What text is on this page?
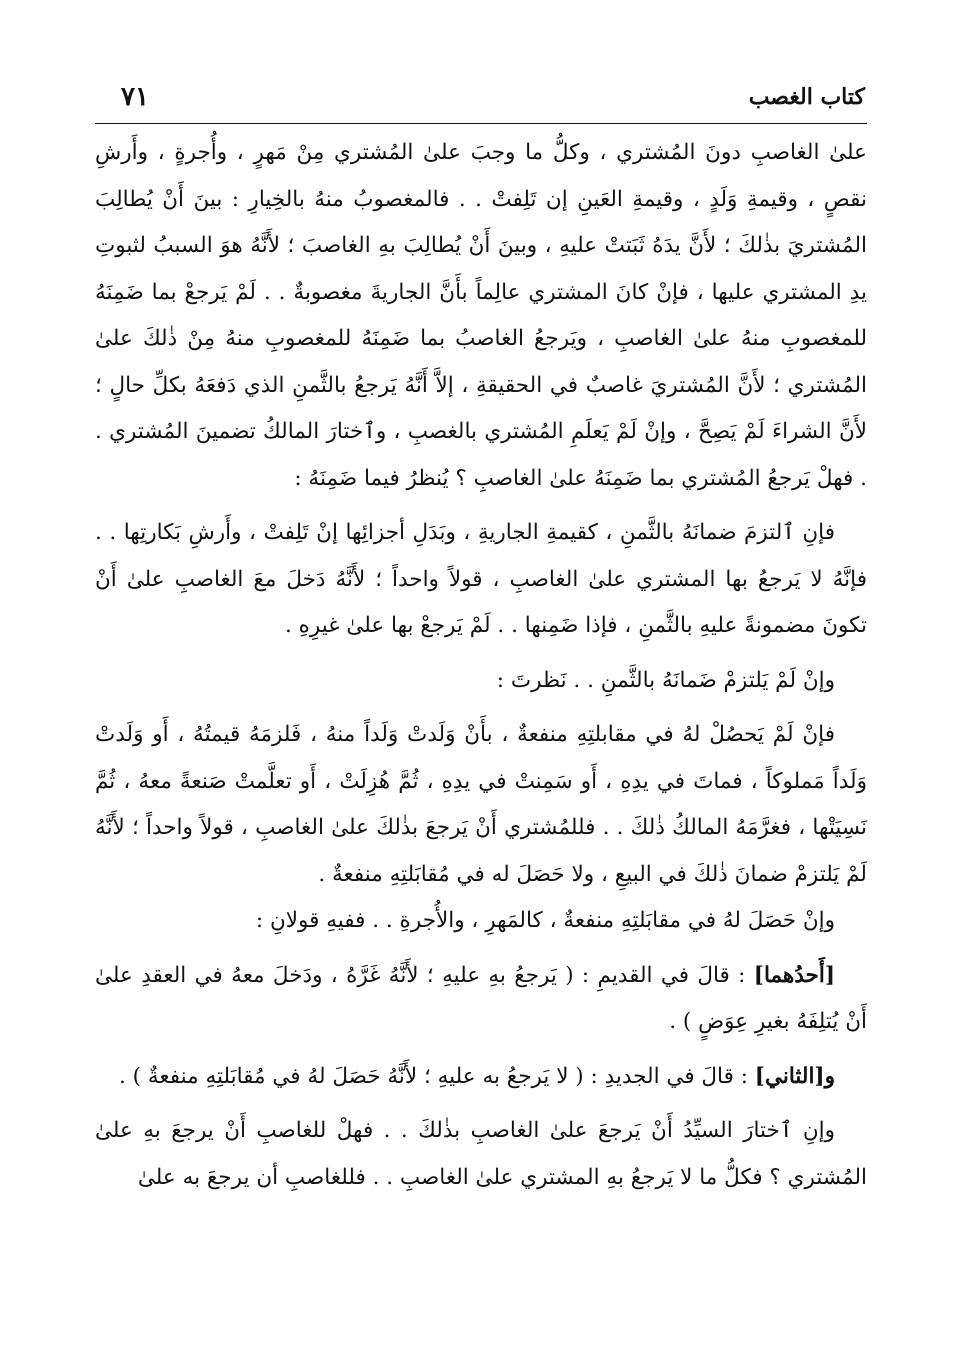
كتاب الغصب
٧١

علىٰ الغاصبِ دونَ المُشتري ، وكلُّ ما وجبَ علىٰ المُشتري مِنْ مَهرٍ ، وأُجرةٍ ، وأَرشِ نقصٍ ، وقيمةِ وَلَدٍ ، وقيمةِ العَينِ إن تَلِفتْ . . فالمغصوبُ منهُ بالخِيارِ : بينَ أَنْ يُطالِبَ المُشتريَ بذٰلكَ ؛ لأَنَّ يدَهُ ثَبَتتْ عليهِ ، وبينَ أَنْ يُطالِبَ بهِ الغاصبَ ؛ لأَنَّهُ هوَ السببُ لثبوتِ يدِ المشتري عليها ، فإنْ كانَ المشتري عالِماً بأَنَّ الجاريةَ مغصوبةٌ . . لَمْ يَرجعْ بما ضَمِنَهُ للمغصوبِ منهُ علىٰ الغاصبِ ، ويَرجعُ الغاصبُ بما ضَمِنَهُ للمغصوبِ منهُ مِنْ ذٰلكَ علىٰ المُشتري ؛ لأَنَّ المُشتريَ غاصبٌ في الحقيقةِ ، إلاَّ أَنَّهُ يَرجعُ بالثَّمنِ الذي دَفعَهُ بكلِّ حالٍ ؛ لأَنَّ الشراءَ لَمْ يَصِحَّ ، وإنْ لَمْ يَعلَمِ المُشتري بالغصبِ ، وٱختارَ المالكُ تضمينَ المُشتري . . فهلْ يَرجعُ المُشتري بما ضَمِنَهُ علىٰ الغاصبِ ؟ يُنظرُ فيما ضَمِنَهُ :

فإنِ ٱلتزمَ ضمانَهُ بالثَّمنِ ، كقيمةِ الجاريةِ ، وبَدَلِ أجزائِها إنْ تَلِفتْ ، وأَرشِ بَكارتِها . . فإنَّهُ لا يَرجعُ بها المشتري علىٰ الغاصبِ ، قولاً واحداً ؛ لأَنَّهُ دَخلَ معَ الغاصبِ علىٰ أَنْ تكونَ مضمونةً عليهِ بالثَّمنِ ، فإذا ضَمِنها . . لَمْ يَرجعْ بها علىٰ غيرِهِ .

وإنْ لَمْ يَلتزمْ ضَمانَهُ بالثَّمنِ . . نَظرتَ :

فإنْ لَمْ يَحصُلْ لهُ في مقابلتِهِ منفعةٌ ، بأَنْ وَلَدتْ وَلَداً منهُ ، فَلزمَهُ قيمتُهُ ، أَو وَلَدتْ وَلَداً مَملوكاً ، فماتَ في يدِهِ ، أَو سَمِنتْ في يدِهِ ، ثُمَّ هُزِلَتْ ، أَو تعلَّمتْ صَنعةً معهُ ، ثُمَّ نَسِيَتْها ، فغرَّمَهُ المالكُ ذٰلكَ . . فللمُشتري أَنْ يَرجعَ بذٰلكَ علىٰ الغاصبِ ، قولاً واحداً ؛ لأَنَّهُ لَمْ يَلتزمْ ضمانَ ذٰلكَ في البيعِ ، ولا حَصَلَ له في مُقابَلتِهِ منفعةٌ .

وإنْ حَصَلَ لهُ في مقابَلتِهِ منفعةٌ ، كالمَهرِ ، والأُجرةِ . . ففيهِ قولانِ :

[أَحدُهما] : قالَ في القديمِ : ( يَرجعُ بهِ عليهِ ؛ لأَنَّهُ غَرَّهُ ، ودَخلَ معهُ في العقدِ علىٰ أَنْ يُتلِفَهُ بغيرِ عِوَضٍ ) .

و[الثاني] : قالَ في الجديدِ : ( لا يَرجعُ به عليهِ ؛ لأَنَّهُ حَصَلَ لهُ في مُقابَلتِهِ منفعةٌ ) .

وإنِ ٱختارَ السيِّدُ أَنْ يَرجعَ علىٰ الغاصبِ بذٰلكَ . . فهلْ للغاصبِ أَنْ يرجعَ بهِ علىٰ المُشتري ؟ فكلُّ ما لا يَرجعُ بهِ المشتري علىٰ الغاصبِ . . فللغاصبِ أن يرجعَ به علىٰ
